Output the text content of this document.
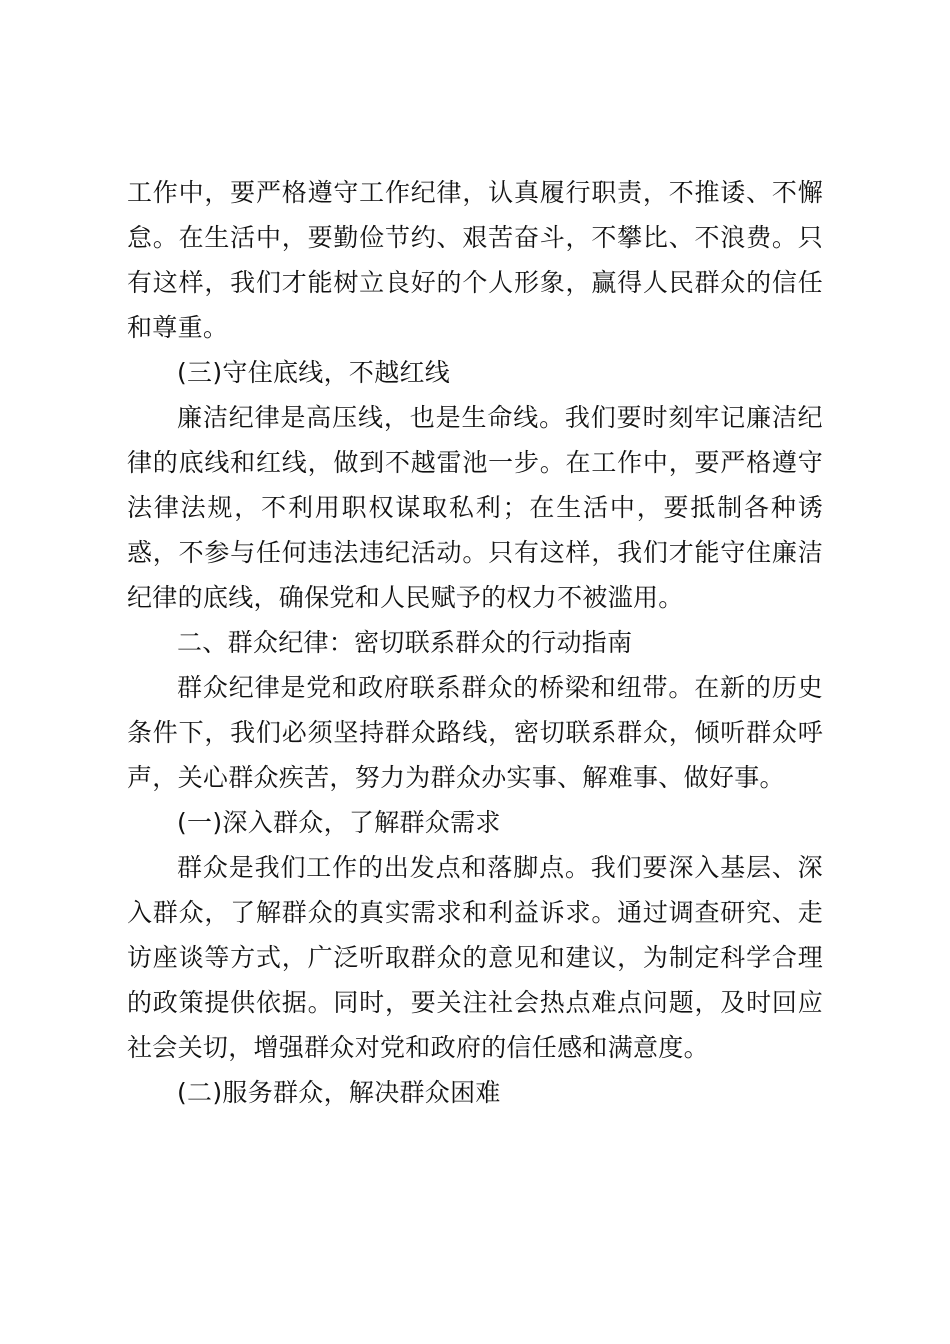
工作中，要严格遵守工作纪律，认真履行职责，不推诿、不懈怠。在生活中，要勤俭节约、艰苦奋斗，不攀比、不浪费。只有这样，我们才能树立良好的个人形象，赢得人民群众的信任和尊重。

(三)守住底线，不越红线

廉洁纪律是高压线，也是生命线。我们要时刻牢记廉洁纪律的底线和红线，做到不越雷池一步。在工作中，要严格遵守法律法规，不利用职权谋取私利；在生活中，要抵制各种诱惑，不参与任何违法违纪活动。只有这样，我们才能守住廉洁纪律的底线，确保党和人民赋予的权力不被滥用。

二、群众纪律：密切联系群众的行动指南

群众纪律是党和政府联系群众的桥梁和纽带。在新的历史条件下，我们必须坚持群众路线，密切联系群众，倾听群众呼声，关心群众疾苦，努力为群众办实事、解难事、做好事。

(一)深入群众，了解群众需求

群众是我们工作的出发点和落脚点。我们要深入基层、深入群众，了解群众的真实需求和利益诉求。通过调查研究、走访座谈等方式，广泛听取群众的意见和建议，为制定科学合理的政策提供依据。同时，要关注社会热点难点问题，及时回应社会关切，增强群众对党和政府的信任感和满意度。

(二)服务群众，解决群众困难
